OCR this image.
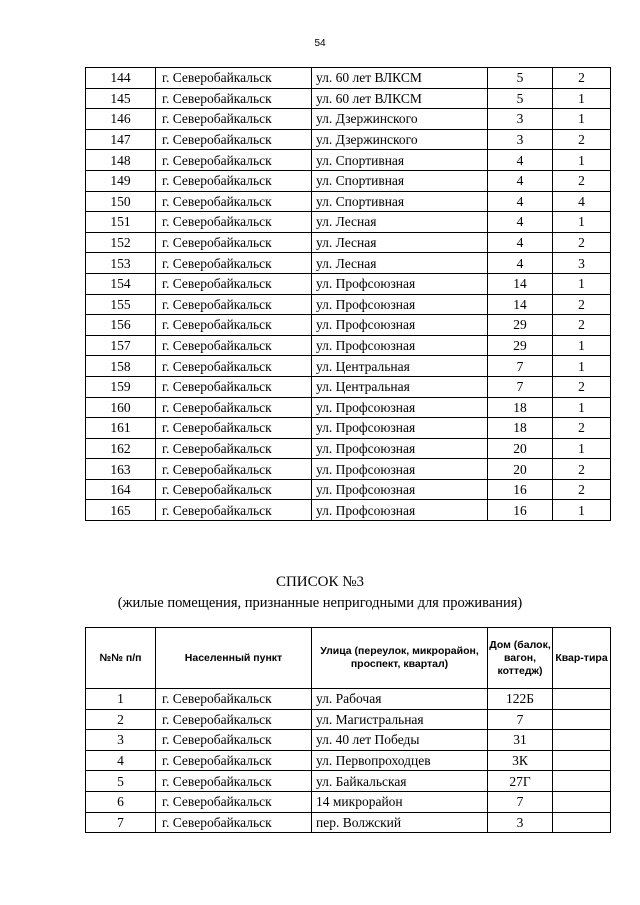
54
144	г. Северобайкальск	ул. 60 лет ВЛКСМ	5	2
145	г. Северобайкальск	ул. 60 лет ВЛКСМ	5	1
146	г. Северобайкальск	ул. Дзержинского	3	1
147	г. Северобайкальск	ул. Дзержинского	3	2
148	г. Северобайкальск	ул. Спортивная	4	1
149	г. Северобайкальск	ул. Спортивная	4	2
150	г. Северобайкальск	ул. Спортивная	4	4
151	г. Северобайкальск	ул. Лесная	4	1
152	г. Северобайкальск	ул. Лесная	4	2
153	г. Северобайкальск	ул. Лесная	4	3
154	г. Северобайкальск	ул. Профсоюзная	14	1
155	г. Северобайкальск	ул. Профсоюзная	14	2
156	г. Северобайкальск	ул. Профсоюзная	29	2
157	г. Северобайкальск	ул. Профсоюзная	29	1
158	г. Северобайкальск	ул. Центральная	7	1
159	г. Северобайкальск	ул. Центральная	7	2
160	г. Северобайкальск	ул. Профсоюзная	18	1
161	г. Северобайкальск	ул. Профсоюзная	18	2
162	г. Северобайкальск	ул. Профсоюзная	20	1
163	г. Северобайкальск	ул. Профсоюзная	20	2
164	г. Северобайкальск	ул. Профсоюзная	16	2
165	г. Северобайкальск	ул. Профсоюзная	16	1
СПИСОК №3
(жилые помещения, признанные непригодными для проживания)
№№ п/п	Населенный пункт	Улица (переулок, микрорайон, проспект, квартал)	Дом (балок, вагон, коттедж)	Квар-тира
1	г. Северобайкальск	ул. Рабочая	122Б	
2	г. Северобайкальск	ул. Магистральная	7	
3	г. Северобайкальск	ул. 40 лет Победы	31	
4	г. Северобайкальск	ул. Первопроходцев	3К	
5	г. Северобайкальск	ул. Байкальская	27Г	
6	г. Северобайкальск	14 микрорайон	7	
7	г. Северобайкальск	пер. Волжский	3	
